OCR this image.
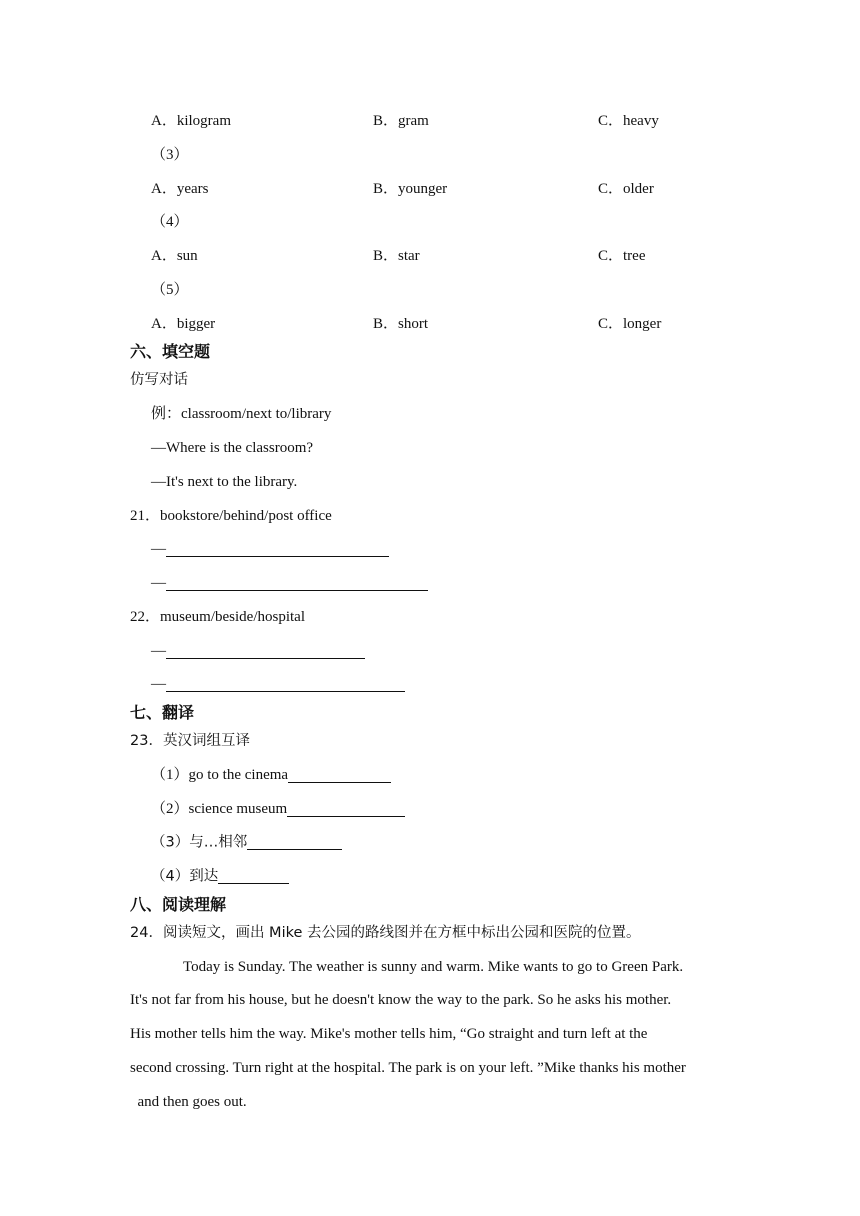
A．kilogram	B．gram	C．heavy
（3）
A．years	B．younger	C．older
（4）
A．sun	B．star	C．tree
（5）
A．bigger	B．short	C．longer
六、填空题
仿写对话
例：classroom/next to/library
—Where is the classroom?
—It's next to the library.
21．bookstore/behind/post office
—
—
22．museum/beside/hospital
—
—
七、翻译
23．英汉词组互译
（1）go to the cinema
（2）science museum
（3）与…相邻
（4）到达
八、阅读理解
24．阅读短文，画出 Mike 去公园的路线图并在方框中标出公园和医院的位置。
Today is Sunday. The weather is sunny and warm. Mike wants to go to Green Park.
It's not far from his house, but he doesn't know the way to the park. So he asks his mother.
His mother tells him the way. Mike's mother tells him, “Go straight and turn left at the
second crossing. Turn right at the hospital. The park is on your left. ”Mike thanks his mother
and then goes out.
